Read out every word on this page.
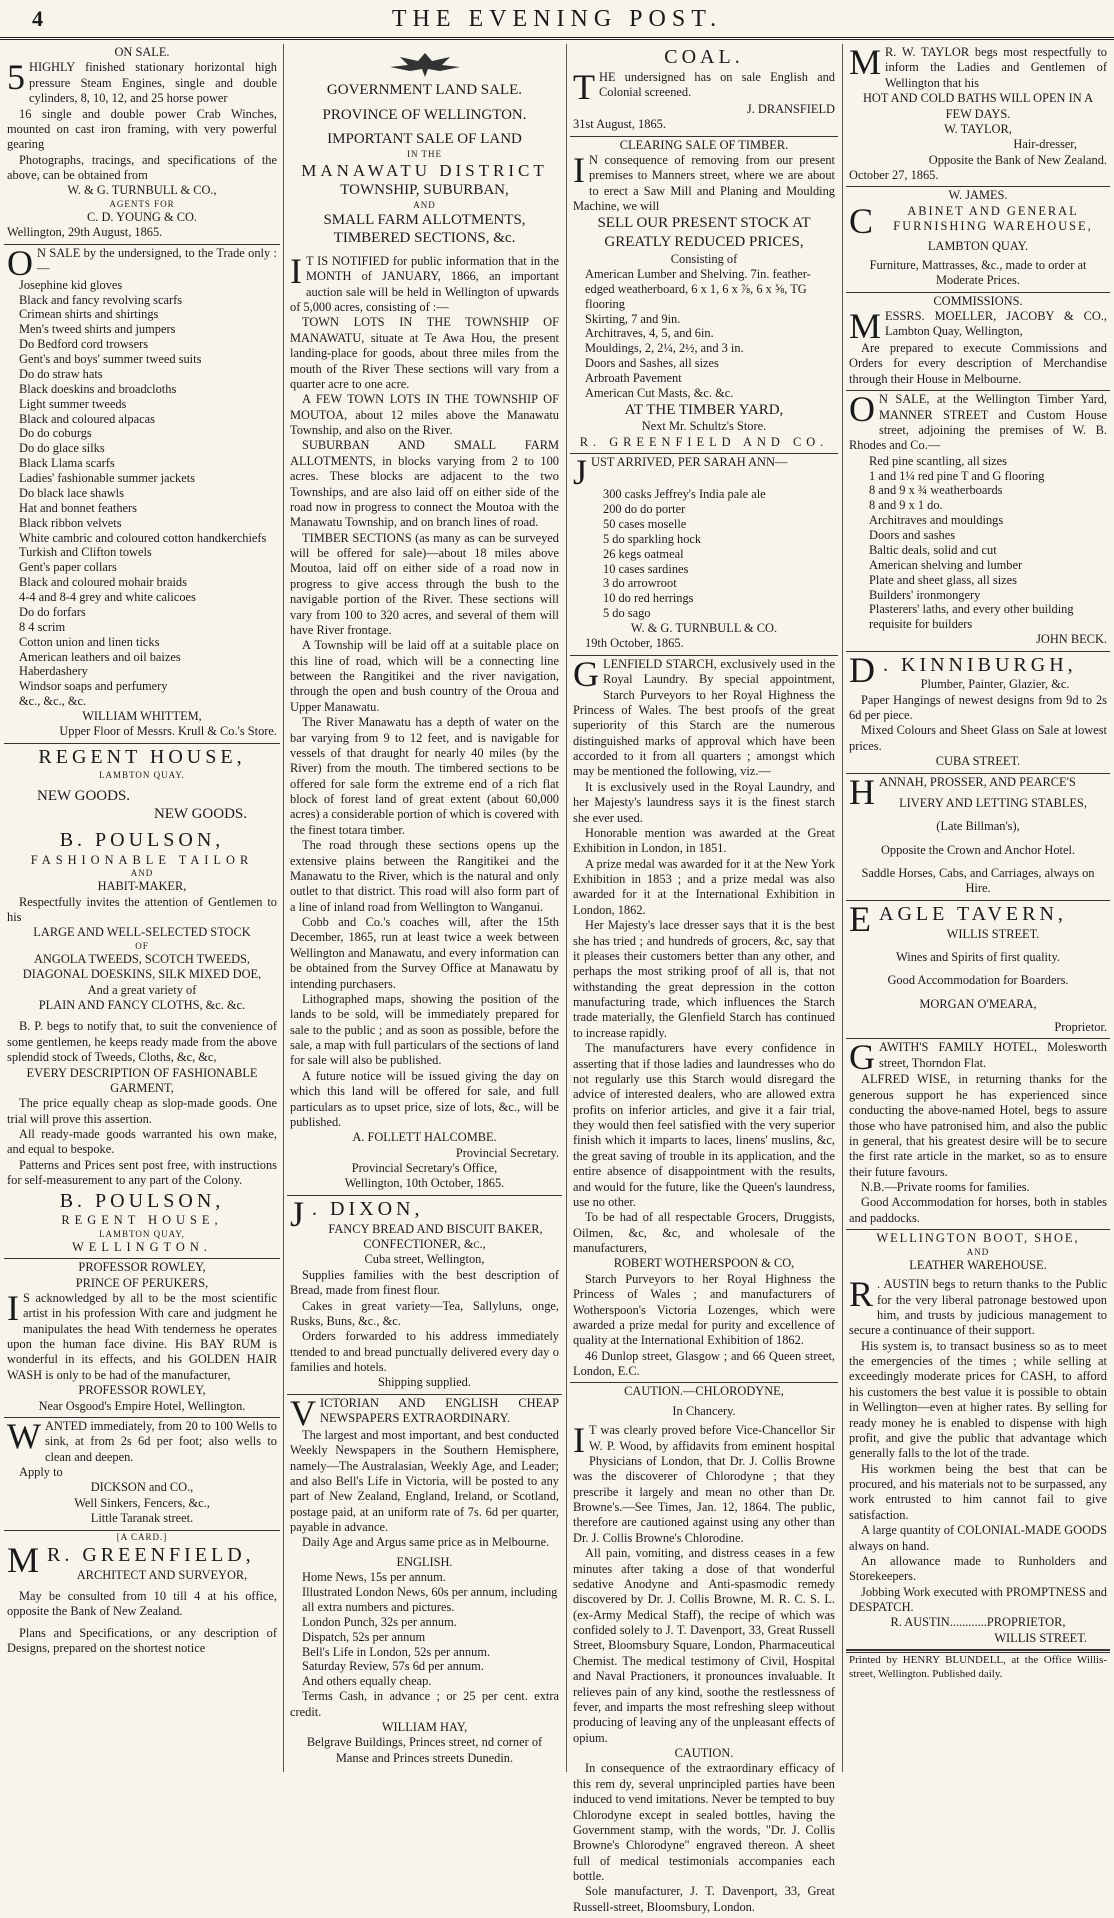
4	THE EVENING POST.
ON SALE.
5 HIGHLY finished stationary horizontal high pressure Steam Engines, single and double cylinders, 8, 10, 12, and 25 horse power
16 single and double power Crab Winches, mounted on cast iron framing, with very powerful gearing
Photographs, tracings, and specifications of the above, can be obtained from
W. & G. TURNBULL & CO.,
AGENTS FOR
C. D. YOUNG & CO.
Wellington, 29th August, 1865.
O N SALE by the undersigned, to the Trade only :—
Josephine kid gloves
Black and fancy revolving scarfs
Crimean shirts and shirtings
Men's tweed shirts and jumpers
Do Bedford cord trowsers
Gent's and boys' summer tweed suits
Do do straw hats
Black doeskins and broadcloths
Light summer tweeds
Black and coloured alpacas
Do do coburgs
Do do glace silks
Black Llama scarfs
Ladies' fashionable summer jackets
Do black lace shawls
Hat and bonnet feathers
Black ribbon velvets
White cambric and coloured cotton handkerchiefs
Turkish and Clifton towels
Gent's paper collars
Black and coloured mohair braids
4-4 and 8-4 grey and white calicoes
Do do forfars
8 4 scrim
Cotton union and linen ticks
American leathers and oil baizes
Haberdashery
Windsor soaps and perfumery
&c., &c., &c.
WILLIAM WHITTEM,
Upper Floor of Messrs. Krull & Co.'s Store.
REGENT HOUSE,
LAMBTON QUAY.
NEW GOODS.
NEW GOODS.
B. POULSON,
FASHIONABLE TAILOR
AND
HABIT-MAKER,
Respectfully invites the attention of Gentlemen to his
LARGE AND WELL-SELECTED STOCK
OF
ANGOLA TWEEDS, SCOTCH TWEEDS, DIAGONAL DOESKINS, SILK MIXED DOE,
And a great variety of
PLAIN AND FANCY CLOTHS, &c. &c.
B. P. begs to notify that, to suit the convenience of some gentlemen, he keeps ready made from the above splendid stock of Tweeds, Cloths, &c, &c,
EVERY DESCRIPTION OF FASHIONABLE GARMENT,
The price equally cheap as slop-made goods. One trial will prove this assertion.
All ready-made goods warranted his own make, and equal to bespoke.
Patterns and Prices sent post free, with instructions for self-measurement to any part of the Colony.
B. POULSON,
REGENT HOUSE,
LAMBTON QUAY,
WELLINGTON.
PROFESSOR ROWLEY,
PRINCE OF PERUKERS,
I S acknowledged by all to be the most scientific artist in his profession With care and judgment he manipulates the head With tenderness he operates upon the human face divine. His BAY RUM is wonderful in its effects, and his GOLDEN HAIR WASH is only to be had of the manufacturer,
PROFESSOR ROWLEY,
Near Osgood's Empire Hotel, Wellington.
WANTED immediately, from 20 to 100 Wells to sink, at from 2s 6d per foot; also wells to clean and deepen.
Apply to
DICKSON and CO.,
Well Sinkers, Fencers, &c.,
Little Taranak street.
[A CARD.]
M R. GREENFIELD,
ARCHITECT AND SURVEYOR,
May be consulted from 10 till 4 at his office, opposite the Bank of New Zealand.
Plans and Specifications, or any description of Designs, prepared on the shortest notice
GOVERNMENT LAND SALE.
PROVINCE OF WELLINGTON.
IMPORTANT SALE OF LAND
IN THE
MANAWATU DISTRICT
TOWNSHIP, SUBURBAN,
AND
SMALL FARM ALLOTMENTS, TIMBERED SECTIONS, &c.
I T IS NOTIFIED for public information that in the MONTH of JANUARY, 1866, an important auction sale will be held in Wellington of upwards of 5,000 acres, consisting of :—
TOWN LOTS IN THE TOWNSHIP OF MANAWATU, situate at Te Awa Hou, the present landing-place for goods, about three miles from the mouth of the River These sections will vary from a quarter acre to one acre.
A FEW TOWN LOTS IN THE TOWNSHIP OF MOUTOA, about 12 miles above the Manawatu Township, and also on the River.
SUBURBAN AND SMALL FARM ALLOTMENTS, in blocks varying from 2 to 100 acres. These blocks are adjacent to the two Townships, and are also laid off on either side of the road now in progress to connect the Moutoa with the Manawatu Township, and on branch lines of road.
TIMBER SECTIONS (as many as can be surveyed will be offered for sale)—about 18 miles above Moutoa, laid off on either side of a road now in progress to give access through the bush to the navigable portion of the River. These sections will vary from 100 to 320 acres, and several of them will have River frontage.
A Township will be laid off at a suitable place on this line of road, which will be a connecting line between the Rangitikei and the river navigation, through the open and bush country of the Oroua and Upper Manawatu.
The River Manawatu has a depth of water on the bar varying from 9 to 12 feet, and is navigable for vessels of that draught for nearly 40 miles (by the River) from the mouth. The timbered sections to be offered for sale form the extreme end of a rich flat block of forest land of great extent (about 60,000 acres) a considerable portion of which is covered with the finest totara timber.
The road through these sections opens up the extensive plains between the Rangitikei and the Manawatu to the River, which is the natural and only outlet to that district. This road will also form part of a line of inland road from Wellington to Wanganui.
Cobb and Co.'s coaches will, after the 15th December, 1865, run at least twice a week between Wellington and Manawatu, and every information can be obtained from the Survey Office at Manawatu by intending purchasers.
Lithographed maps, showing the position of the lands to be sold, will be immediately prepared for sale to the public ; and as soon as possible, before the sale, a map with full particulars of the sections of land for sale will also be published.
A future notice will be issued giving the day on which this land will be offered for sale, and full particulars as to upset price, size of lots, &c., will be published.
A. FOLLETT HALCOMBE.
Provincial Secretary.
Provincial Secretary's Office,
Wellington, 10th October, 1865.
J . DIXON,
FANCY BREAD AND BISCUIT BAKER, CONFECTIONER, &c.,
Cuba street, Wellington,
Supplies families with the best description of Bread, made from finest flour.
Cakes in great variety—Tea, Sallyluns, onge, Rusks, Buns, &c., &c.
Orders forwarded to his address immediately ttended to and bread punctually delivered every day o families and hotels.
Shipping supplied.
VICTORIAN AND ENGLISH CHEAP NEWSPAPERS EXTRAORDINARY.
The largest and most important, and best conducted Weekly Newspapers in the Southern Hemisphere, namely—The Australasian, Weekly Age, and Leader; and also Bell's Life in Victoria, will be posted to any part of New Zealand, England, Ireland, or Scotland, postage paid, at an uniform rate of 7s. 6d per quarter, payable in advance.
Daily Age and Argus same price as in Melbourne.
ENGLISH.
Home News, 15s per annum.
Illustrated London News, 60s per annum, including all extra numbers and pictures.
London Punch, 32s per annum.
Dispatch, 52s per annum
Bell's Life in London, 52s per annum.
Saturday Review, 57s 6d per annum.
And others equally cheap.
Terms Cash, in advance ; or 25 per cent. extra credit.
WILLIAM HAY,
Belgrave Buildings, Princes street, nd corner of Manse and Princes streets Dunedin.
COAL.
THE undersigned has on sale English and Colonial screened.
J. DRANSFIELD
31st August, 1865.
CLEARING SALE OF TIMBER.
I N consequence of removing from our present premises to Manners street, where we are about to erect a Saw Mill and Planing and Moulding Machine, we will
SELL OUR PRESENT STOCK AT GREATLY REDUCED PRICES,
Consisting of
American Lumber and Shelving. 7in. feather-edged weatherboard, 6 x 1, 6 x ⅞, 6 x ⅝, TG flooring
Skirting, 7 and 9in.
Architraves, 4, 5, and 6in.
Mouldings, 2, 2¼, 2½, and 3 in.
Doors and Sashes, all sizes
Arbroath Pavement
American Cut Masts, &c. &c.
AT THE TIMBER YARD,
Next Mr. Schultz's Store.
R. GREENFIELD AND CO.
JUST ARRIVED, PER SARAH ANN—
300 casks Jeffrey's India pale ale
200 do do porter
50 cases moselle
5 do sparkling hock
26 kegs oatmeal
10 cases sardines
3 do arrowroot
10 do red herrings
5 do sago
W. & G. TURNBULL & CO.
19th October, 1865.
GLENFIELD STARCH, exclusively used in the Royal Laundry. By special appointment, Starch Purveyors to her Royal Highness the Princess of Wales. The best proofs of the great superiority of this Starch are the numerous distinguished marks of approval which have been accorded to it from all quarters ; amongst which may be mentioned the following, viz.—
It is exclusively used in the Royal Laundry, and her Majesty's laundress says it is the finest starch she ever used.
Honorable mention was awarded at the Great Exhibition in London, in 1851.
A prize medal was awarded for it at the New York Exhibition in 1853 ; and a prize medal was also awarded for it at the International Exhibition in London, 1862.
Her Majesty's lace dresser says that it is the best she has tried ; and hundreds of grocers, &c, say that it pleases their customers better than any other, and perhaps the most striking proof of all is, that not withstanding the great depression in the cotton manufacturing trade, which influences the Starch trade materially, the Glenfield Starch has continued to increase rapidly.
The manufacturers have every confidence in asserting that if those ladies and laundresses who do not regularly use this Starch would disregard the advice of interested dealers, who are allowed extra profits on inferior articles, and give it a fair trial, they would then feel satisfied with the very superior finish which it imparts to laces, linens' muslins, &c, the great saving of trouble in its application, and the entire absence of disappointment with the results, and would for the future, like the Queen's laundress, use no other.
To be had of all respectable Grocers, Druggists, Oilmen, &c, &c, and wholesale of the manufacturers,
ROBERT WOTHERSPOON & CO,
Starch Purveyors to her Royal Highness the Princess of Wales ; and manufacturers of Wotherspoon's Victoria Lozenges, which were awarded a prize medal for purity and excellence of quality at the International Exhibition of 1862.
46 Dunlop street, Glasgow ; and 66 Queen street, London, E.C.
CAUTION.—CHLORODYNE,
In Chancery.
I T was clearly proved before Vice-Chancellor Sir W. P. Wood, by affidavits from eminent hospital Physicians of London, that Dr. J. Collis Browne was the discoverer of Chlorodyne ; that they prescribe it largely and mean no other than Dr. Browne's.—See Times, Jan. 12, 1864. The public, therefore are cautioned against using any other than Dr. J. Collis Browne's Chlorodine.
All pain, vomiting, and distress ceases in a few minutes after taking a dose of that wonderful sedative Anodyne and Anti-spasmodic remedy discovered by Dr. J. Collis Browne, M. R. C. S. L. (ex-Army Medical Staff), the recipe of which was confided solely to J. T. Davenport, 33, Great Russell Street, Bloomsbury Square, London, Pharmaceutical Chemist. The medical testimony of Civil, Hospital and Naval Practioners, it pronounces invaluable. It relieves pain of any kind, soothe the restlessness of fever, and imparts the most refreshing sleep without producing of leaving any of the unpleasant effects of opium.
CAUTION.
In consequence of the extraordinary efficacy of this rem dy, several unprincipled parties have been induced to vend imitations. Never be tempted to buy Chlorodyne except in sealed bottles, having the Government stamp, with the words, "Dr. J. Collis Browne's Chlorodyne" engraved thereon. A sheet full of medical testimonials accompanies each bottle.
Sole manufacturer, J. T. Davenport, 33, Great Russell-street, Bloomsbury, London.
M R. W. TAYLOR begs most respectfully to inform the Ladies and Gentlemen of Wellington that his
HOT AND COLD BATHS WILL OPEN IN A FEW DAYS.
W. TAYLOR,
Hair-dresser,
Opposite the Bank of New Zealand.
October 27, 1865.
W. JAMES.
C	ABINET AND GENERAL FURNISHING WAREHOUSE,
LAMBTON QUAY.
Furniture, Mattrasses, &c., made to order at Moderate Prices.
COMMISSIONS.
MESSRS. MOELLER, JACOBY & CO., Lambton Quay, Wellington,
Are prepared to execute Commissions and Orders for every description of Merchandise through their House in Melbourne.
O N SALE, at the Wellington Timber Yard, MANNER STREET and Custom House street, adjoining the premises of W. B. Rhodes and Co.—
Red pine scantling, all sizes
1 and 1¼ red pine T and G flooring
8 and 9 x ¾ weatherboards
8 and 9 x 1 do.
Architraves and mouldings
Doors and sashes
Baltic deals, solid and cut
American shelving and lumber
Plate and sheet glass, all sizes
Builders' ironmongery
Plasterers' laths, and every other building requisite for builders
JOHN BECK.
D . KINNIBURGH,
Plumber, Painter, Glazier, &c.
Paper Hangings of newest designs from 9d to 2s 6d per piece.
Mixed Colours and Sheet Glass on Sale at lowest prices.
CUBA STREET.
HANNAH, PROSSER, AND PEARCE'S
LIVERY AND LETTING STABLES,
(Late Billman's),
Opposite the Crown and Anchor Hotel.
Saddle Horses, Cabs, and Carriages, always on Hire.
EAGLE TAVERN,
WILLIS STREET.
Wines and Spirits of first quality.
Good Accommodation for Boarders.
MORGAN O'MEARA,
Proprietor.
GAWITH'S FAMILY HOTEL, Molesworth street, Thorndon Flat.
ALFRED WISE, in returning thanks for the generous support he has experienced since conducting the above-named Hotel, begs to assure those who have patronised him, and also the public in general, that his greatest desire will be to secure the first rate article in the market, so as to ensure their future favours.
N.B.—Private rooms for families.
Good Accommodation for horses, both in stables and paddocks.
WELLINGTON BOOT, SHOE,
AND
LEATHER WAREHOUSE.
R . AUSTIN begs to return thanks to the Public for the very liberal patronage bestowed upon him, and trusts by judicious management to secure a continuance of their support.
His system is, to transact business so as to meet the emergencies of the times ; while selling at exceedingly moderate prices for CASH, to afford his customers the best value it is possible to obtain in Wellington—even at higher rates. By selling for ready money he is enabled to dispense with high profit, and give the public that advantage which generally falls to the lot of the trade.
His workmen being the best that can be procured, and his materials not to be surpassed, any work entrusted to him cannot fail to give satisfaction.
A large quantity of COLONIAL-MADE GOODS always on hand.
An allowance made to Runholders and Storekeepers.
Jobbing Work executed with PROMPTNESS and DESPATCH.
R. AUSTIN............PROPRIETOR,
WILLIS STREET.
Printed by HENRY BLUNDELL, at the Office Willis-street, Wellington. Published daily.
